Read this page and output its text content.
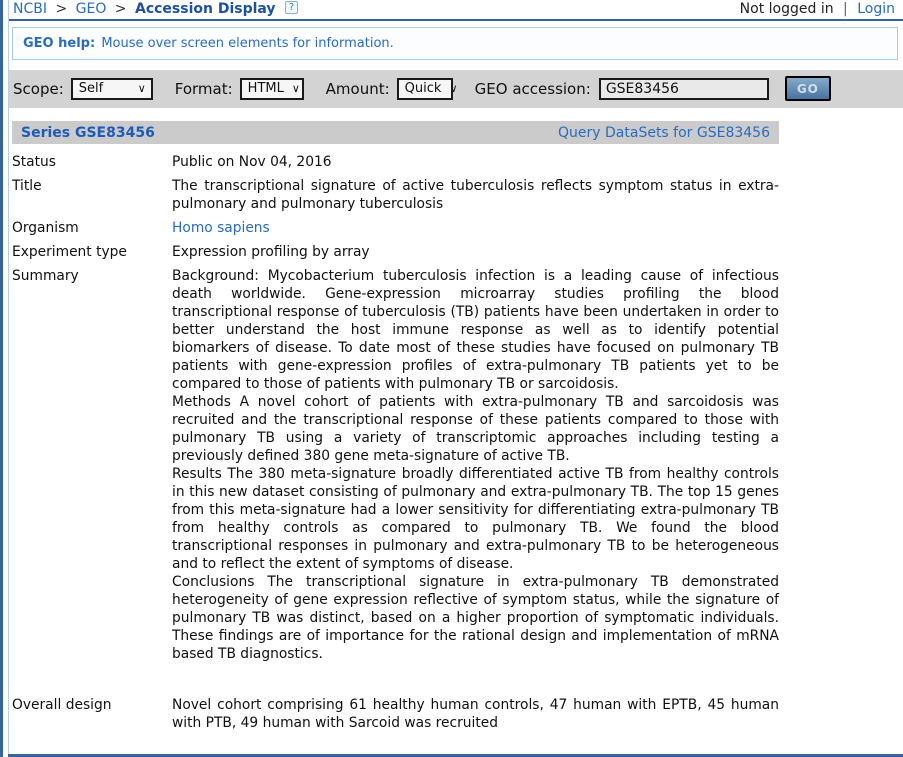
NCBI > GEO > Accession Display ?	Not logged in | Login
GEO help: Mouse over screen elements for information.
Scope: Self	∨ Format: HTML ∨ Amount: Quick ∨ GEO accession:
GSE83456	GO
Series GSE83456	Query DataSets for GSE83456
Status	Public on Nov 04, 2016
Title	The transcriptional signature of active tuberculosis reflects symptom status in extra-pulmonary and pulmonary tuberculosis
Organism	Homo sapiens
Experiment type	Expression profiling by array
Summary	Background: Mycobacterium tuberculosis infection is a leading cause of infectious death worldwide. Gene-expression microarray studies profiling the blood transcriptional response of tuberculosis (TB) patients have been undertaken in order to better understand the host immune response as well as to identify potential biomarkers of disease. To date most of these studies have focused on pulmonary TB patients with gene-expression profiles of extra-pulmonary TB patients yet to be compared to those of patients with pulmonary TB or sarcoidosis.

Methods A novel cohort of patients with extra-pulmonary TB and sarcoidosis was recruited and the transcriptional response of these patients compared to those with pulmonary TB using a variety of transcriptomic approaches including testing a previously defined 380 gene meta-signature of active TB.

Results The 380 meta-signature broadly differentiated active TB from healthy controls in this new dataset consisting of pulmonary and extra-pulmonary TB. The top 15 genes from this meta-signature had a lower sensitivity for differentiating extra-pulmonary TB from healthy controls as compared to pulmonary TB. We found the blood transcriptional responses in pulmonary and extra-pulmonary TB to be heterogeneous and to reflect the extent of symptoms of disease.

Conclusions The transcriptional signature in extra-pulmonary TB demonstrated heterogeneity of gene expression reflective of symptom status, while the signature of pulmonary TB was distinct, based on a higher proportion of symptomatic individuals. These findings are of importance for the rational design and implementation of mRNA based TB diagnostics.

Overall design	Novel cohort comprising 61 healthy human controls, 47 human with EPTB, 45 human with PTB, 49 human with Sarcoid was recruited
